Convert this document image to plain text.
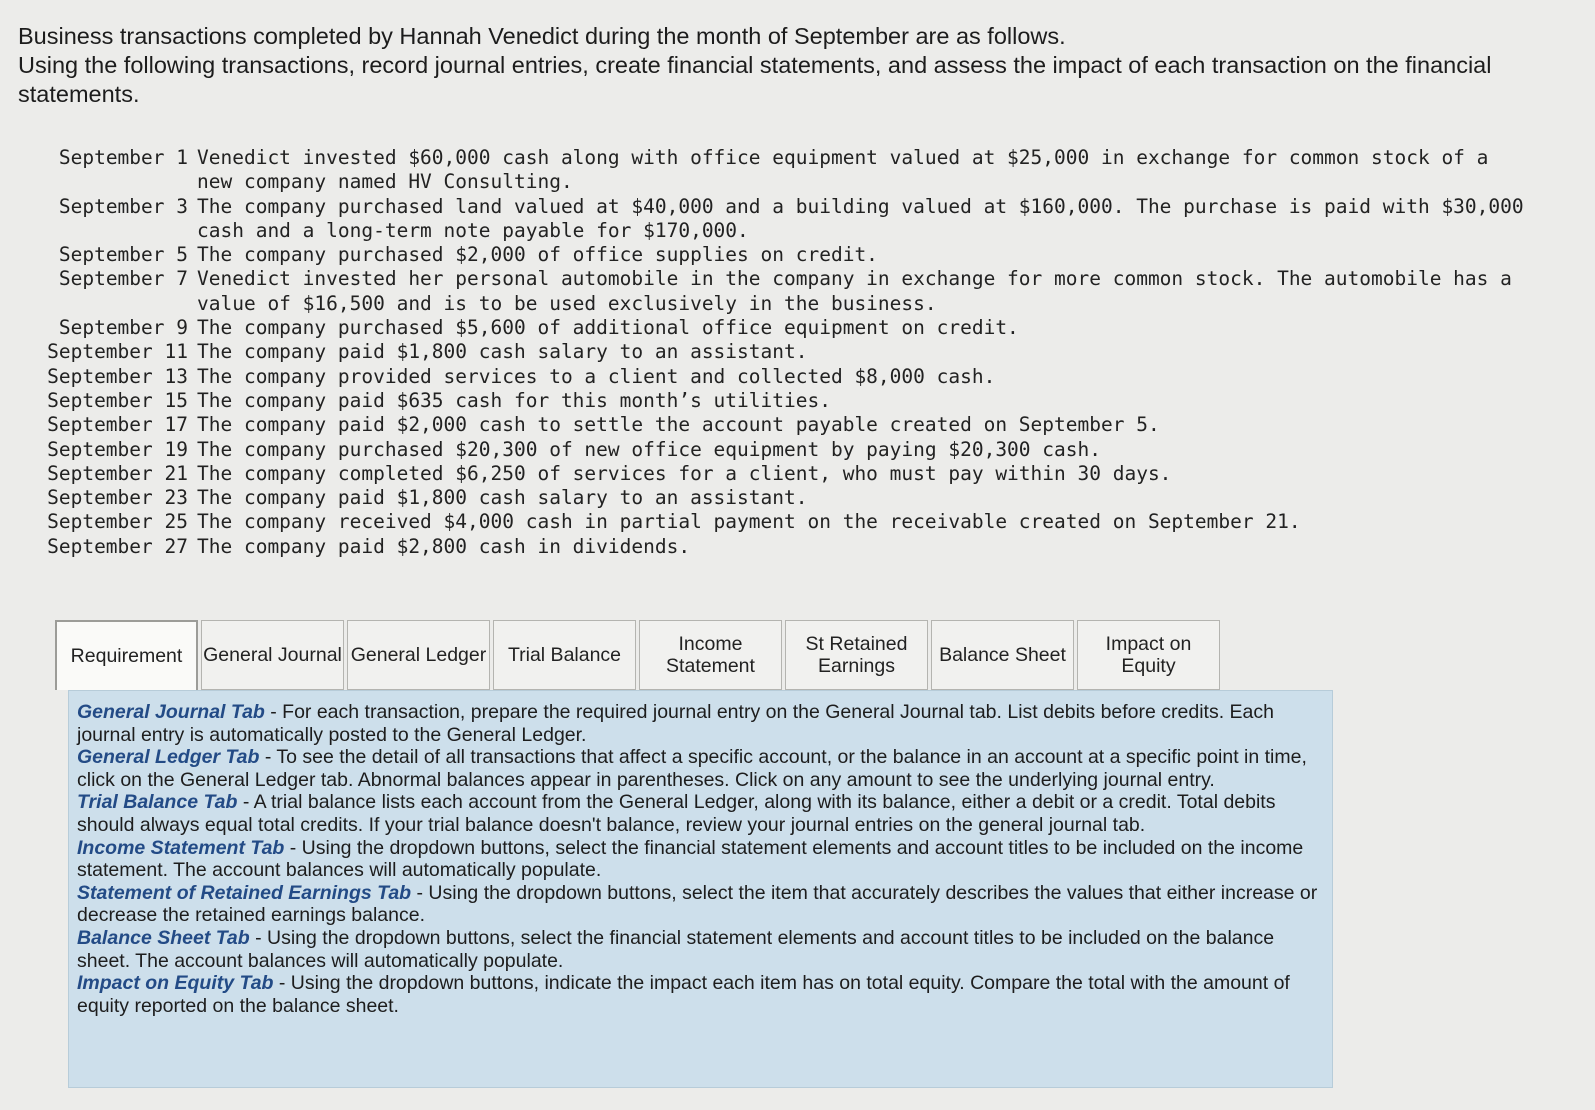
Business transactions completed by Hannah Venedict during the month of September are as follows.

Using the following transactions, record journal entries, create financial statements, and assess the impact of each transaction on the financial statements.

September 1 Venedict invested $60,000 cash along with office equipment valued at $25,000 in exchange for common stock of a new company named HV Consulting.
September 3 The company purchased land valued at $40,000 and a building valued at $160,000. The purchase is paid with $30,000 cash and a long-term note payable for $170,000.
September 5 The company purchased $2,000 of office supplies on credit.
September 7 Venedict invested her personal automobile in the company in exchange for more common stock. The automobile has a value of $16,500 and is to be used exclusively in the business.
September 9 The company purchased $5,600 of additional office equipment on credit.
September 11 The company paid $1,800 cash salary to an assistant.
September 13 The company provided services to a client and collected $8,000 cash.
September 15 The company paid $635 cash for this month’s utilities.
September 17 The company paid $2,000 cash to settle the account payable created on September 5.
September 19 The company purchased $20,300 of new office equipment by paying $20,300 cash.
September 21 The company completed $6,250 of services for a client, who must pay within 30 days.
September 23 The company paid $1,800 cash salary to an assistant.
September 25 The company received $4,000 cash in partial payment on the receivable created on September 21.
September 27 The company paid $2,800 cash in dividends.
Requirement	General Journal General Ledger	Trial Balance	Income Statement
St Retained Earnings	Balance Sheet	Impact on Equity

General Journal Tab - For each transaction, prepare the required journal entry on the General Journal tab. List debits before credits. Each journal entry is automatically posted to the General Ledger.

General Ledger Tab - To see the detail of all transactions that affect a specific account, or the balance in an account at a specific point in time, click on the General Ledger tab. Abnormal balances appear in parentheses. Click on any amount to see the underlying journal entry.

Trial Balance Tab - A trial balance lists each account from the General Ledger, along with its balance, either a debit or a credit. Total debits should always equal total credits. If your trial balance doesn't balance, review your journal entries on the general journal tab.

Income Statement Tab - Using the dropdown buttons, select the financial statement elements and account titles to be included on the income statement. The account balances will automatically populate.

Statement of Retained Earnings Tab - Using the dropdown buttons, select the item that accurately describes the values that either increase or decrease the retained earnings balance.

Balance Sheet Tab - Using the dropdown buttons, select the financial statement elements and account titles to be included on the balance sheet. The account balances will automatically populate.

Impact on Equity Tab - Using the dropdown buttons, indicate the impact each item has on total equity. Compare the total with the amount of equity reported on the balance sheet.
